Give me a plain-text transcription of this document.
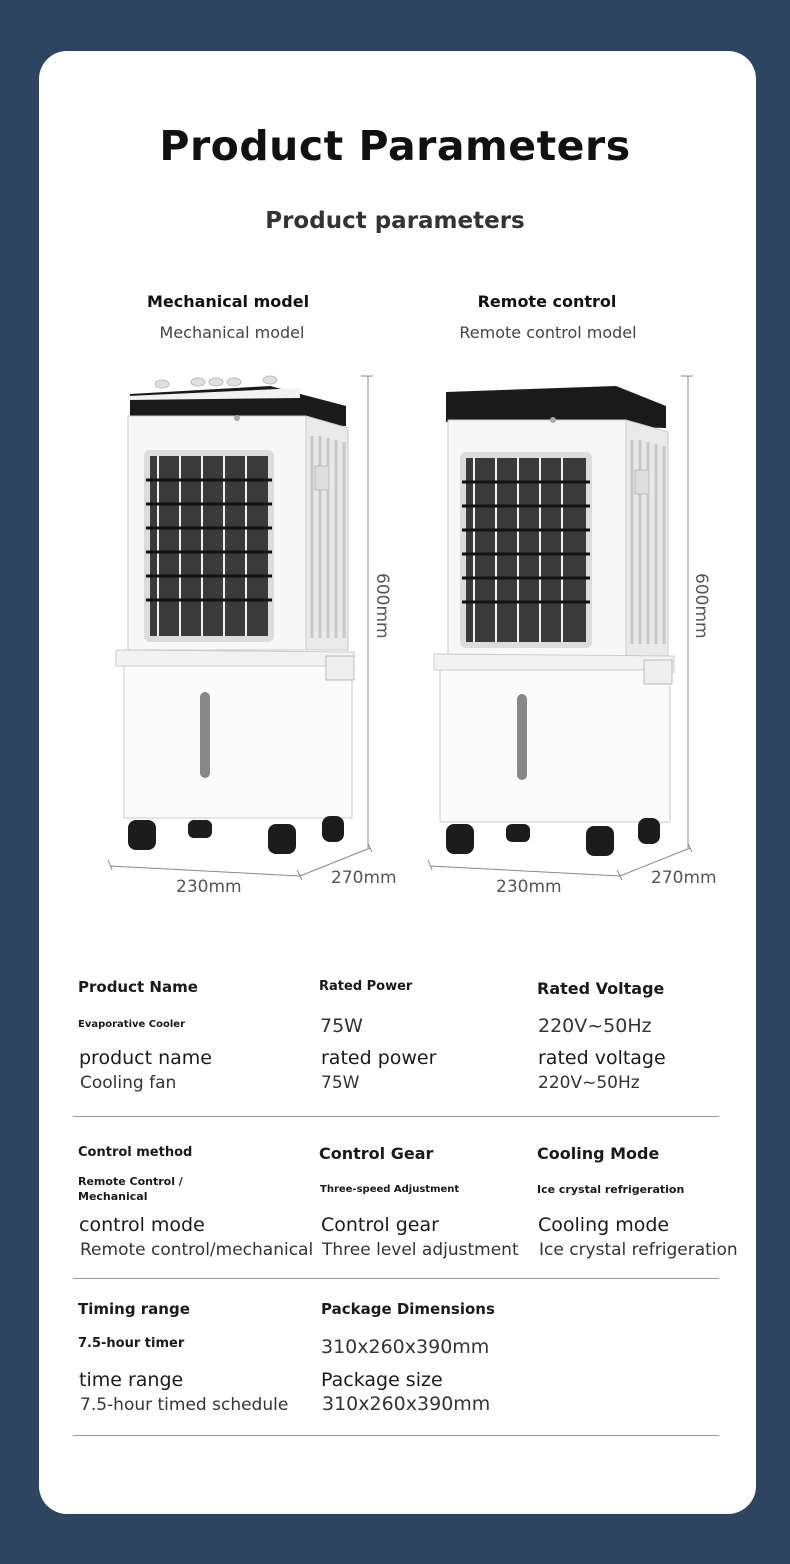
Product Parameters
Product parameters
Mechanical model
Mechanical model
Remote control
Remote control model
600mm
230mm	270mm
600mm
230mm	270mm
Product Name
Evaporative Cooler
product name
Cooling fan
Rated Power
75W
rated power
75W
Rated Voltage
220V~50Hz
rated voltage
220V~50Hz
Control method
Remote Control / Mechanical
control mode
Remote control/mechanical
Control Gear
Three-speed Adjustment
Control gear
Three level adjustment
Cooling Mode
Ice crystal refrigeration
Cooling mode
Ice crystal refrigeration
Timing range
7.5-hour timer
time range
7.5-hour timed schedule
Package Dimensions
310x260x390mm
Package size
310x260x390mm
